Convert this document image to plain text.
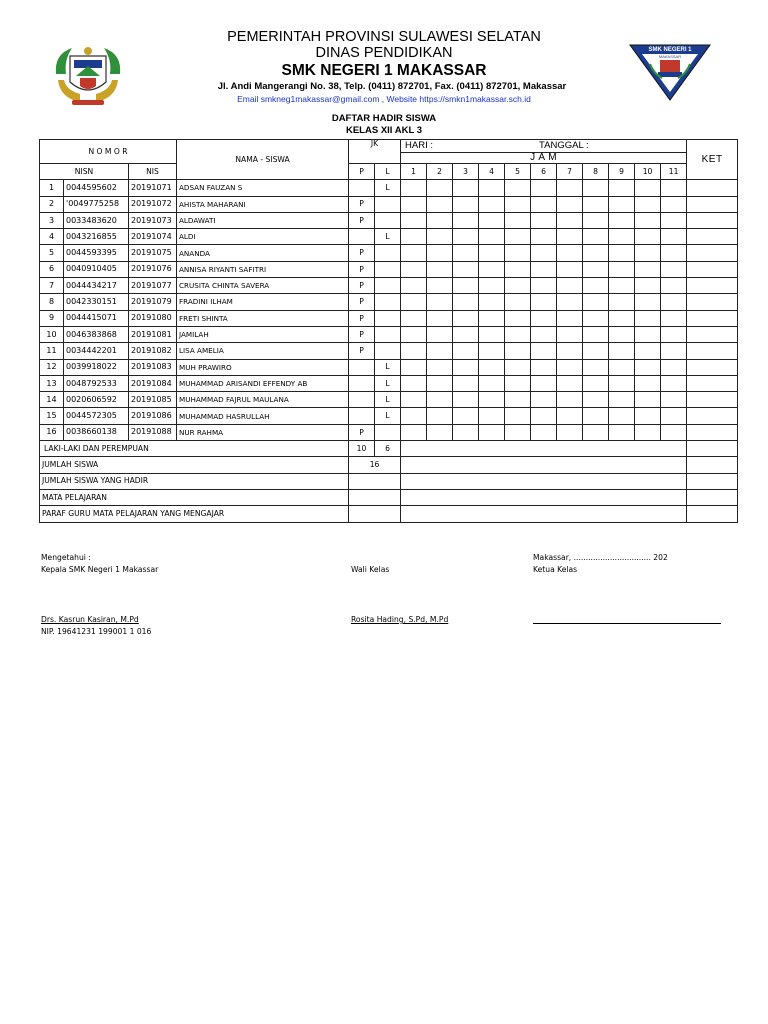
SMK NEGERI 1
MAKASSAR
PEMERINTAH PROVINSI SULAWESI SELATAN
DINAS PENDIDIKAN
SMK NEGERI 1 MAKASSAR
Jl. Andi Mangerangi No. 38, Telp. (0411) 872701, Fax. (0411) 872701, Makassar
Email smkneg1makassar@gmail.com , Website https://smkn1makassar.sch.id
DAFTAR HADIR SISWA
KELAS XII AKL 3
N O M O R			NAMA - SISWA	JK		HARI : TANGGAL :
J A M											KET
NISN		NIS		P	L	1	2	3	4	5	6	7	8	9	10	11	
1	0044595602	20191071	ADSAN FAUZAN S		L												
2	'0049775258	20191072	AHISTA MAHARANI	P													
3	0033483620	20191073	ALDAWATI	P													
4	0043216855	20191074	ALDI		L												
5	0044593395	20191075	ANANDA	P													
6	0040910405	20191076	ANNISA RIYANTI SAFITRI	P													
7	0044434217	20191077	CRUSITA CHINTA SAVERA	P													
8	0042330151	20191079	FRADINI ILHAM	P													
9	0044415071	20191080	FRETI SHINTA	P													
10	0046383868	20191081	JAMILAH	P													
11	0034442201	20191082	LISA AMELIA	P													
12	0039918022	20191083	MUH PRAWIRO		L												
13	0048792533	20191084	MUHAMMAD ARISANDI EFFENDY AB		L												
14	0020606592	20191085	MUHAMMAD FAJRUL MAULANA		L												
15	0044572305	20191086	MUHAMMAD HASRULLAH		L												
16	0038660138	20191088	NUR RAHMA	P													
LAKI-LAKI DAN PEREMPUAN				10	6												
JUMLAH SISWA				16													
JUMLAH SISWA YANG HADIR																	
MATA PELAJARAN																	
PARAF GURU MATA PELAJARAN YANG MENGAJAR																	
Mengetahui :
Kepala SMK Negeri 1 Makassar	Wali Kelas
Makassar, ................................ 202
Ketua Kelas
Drs. Kasrun Kasiran, M.Pd
NIP. 19641231 199001 1 016
Rosita Hading, S.Pd, M.Pd
